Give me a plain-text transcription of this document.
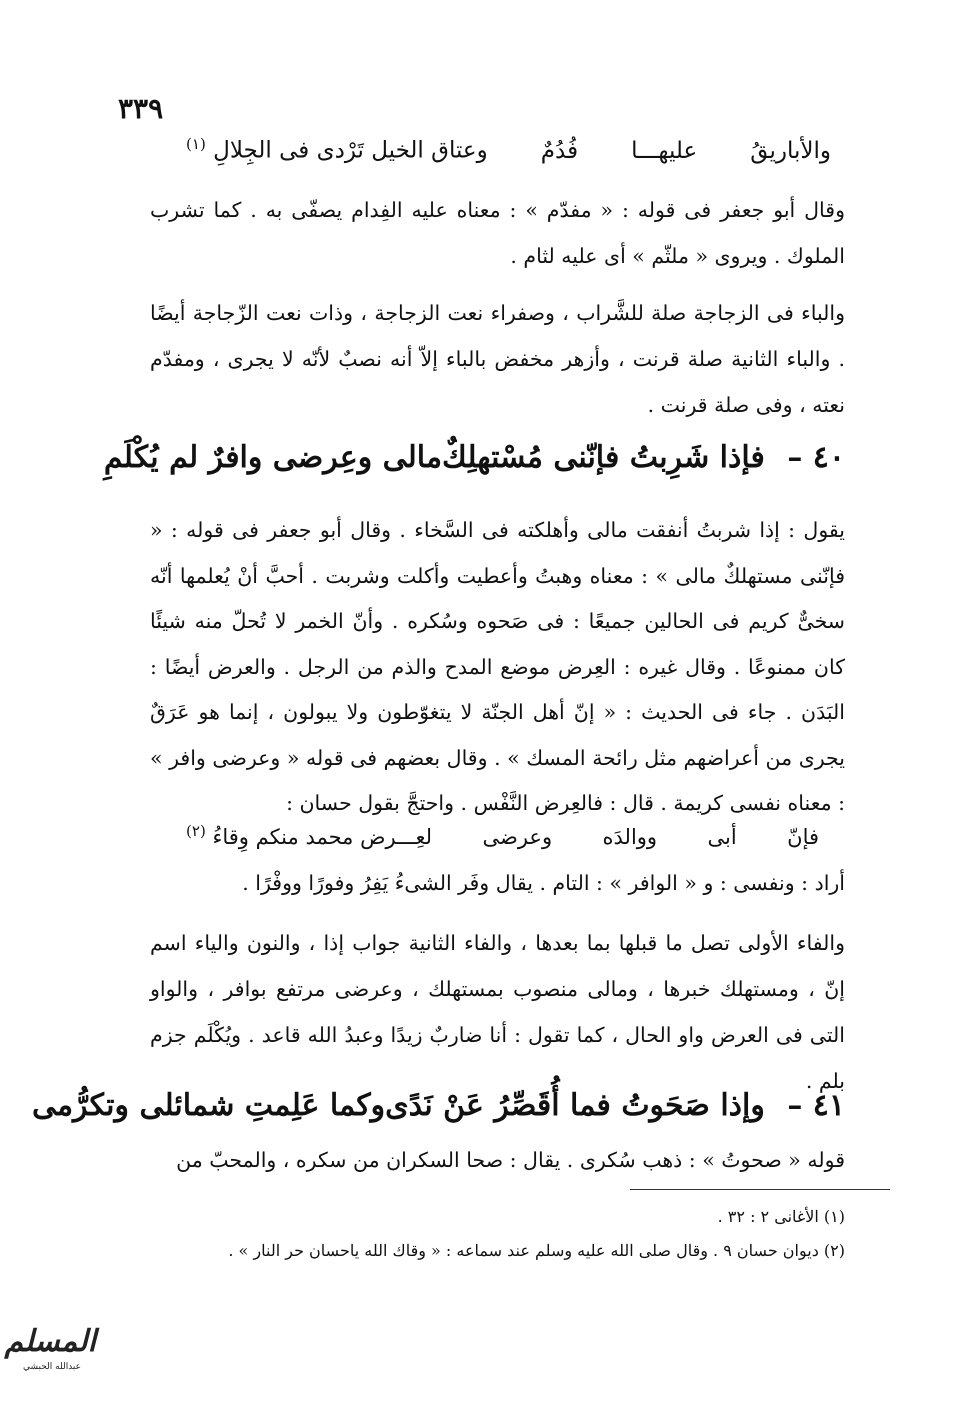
٣٣٩
والأباريقُ
عليهـــا
فُدُمٌ
وعتاق الخيل تَرْدى فى الجِلالِ $^{(١)}$
وقال أبو جعفر فى قوله : « مفدّم » : معناه عليه الفِدام يصفّى به . كما تشرب الملوك . ويروى « ملثّم » أى عليه لثام .
والباء فى الزجاجة صلة للشَّراب ، وصفراء نعت الزجاجة ، وذات نعت الزّجاجة أيضًا . والباء الثانية صلة قرنت ، وأزهر مخفض بالباء إلاّ أنه نصبٌ لأنّه لا يجرى ، ومفدّم نعته ، وفى صلة قرنت .
٤٠ – فإذا شَرِبتُ فإنّنى مُسْتهلِكٌ
مالى وعِرضى وافرٌ لم يُكْلَمِ
يقول : إذا شربتُ أنفقت مالى وأهلكته فى السَّخاء . وقال أبو جعفر فى قوله : « فإنّنى مستهلكٌ مالى » : معناه وهبتُ وأعطيت وأكلت وشربت . أحبَّ أنْ يُعلمها أنّه سخىٌّ كريم فى الحالين جميعًا : فى صَحوه وسُكره . وأنّ الخمر لا تُحلّ منه شيئًا كان ممنوعًا . وقال غيره : العِرض موضع المدح والذم من الرجل . والعرض أيضًا : البَدَن . جاء فى الحديث : « إنّ أهل الجنّة لا يتغوّطون ولا يبولون ، إنما هو عَرَقٌ يجرى من أعراضهم مثل رائحة المسك » . وقال بعضهم فى قوله « وعرضى وافر » : معناه نفسى كريمة . قال : فالعِرض النَّفْس . واحتجَّ بقول حسان :
فإنّ
أبى
ووالدَه
وعرضى
لعِـــرض محمد منكم وِقاءُ $^{(٢)}$
أراد : ونفسى : و « الوافر » : التام . يقال وفَر الشىءُ يَفِرُ وفورًا ووفْرًا .
والفاء الأولى تصل ما قبلها بما بعدها ، والفاء الثانية جواب إذا ، والنون والياء اسم إنّ ، ومستهلك خبرها ، ومالى منصوب بمستهلك ، وعرضى مرتفع بوافر ، والواو التى فى العرض واو الحال ، كما تقول : أنا ضاربٌ زيدًا وعبدُ الله قاعد . ويُكْلَم جزم بلم .
٤١ – وإذا صَحَوتُ فما أُقَصِّرُ عَنْ نَدًى
وكما عَلِمتِ شمائلى وتكرُّمى
قوله « صحوتُ » : ذهب سُكرى . يقال : صحا السكران من سكره ، والمحبّ من
(١) الأغانى ٢ : ٣٢ .
(٢) ديوان حسان ٩ . وقال صلى الله عليه وسلم عند سماعه : « وقاك الله ياحسان حر النار » .
المسلم
عبدالله الحبشي
